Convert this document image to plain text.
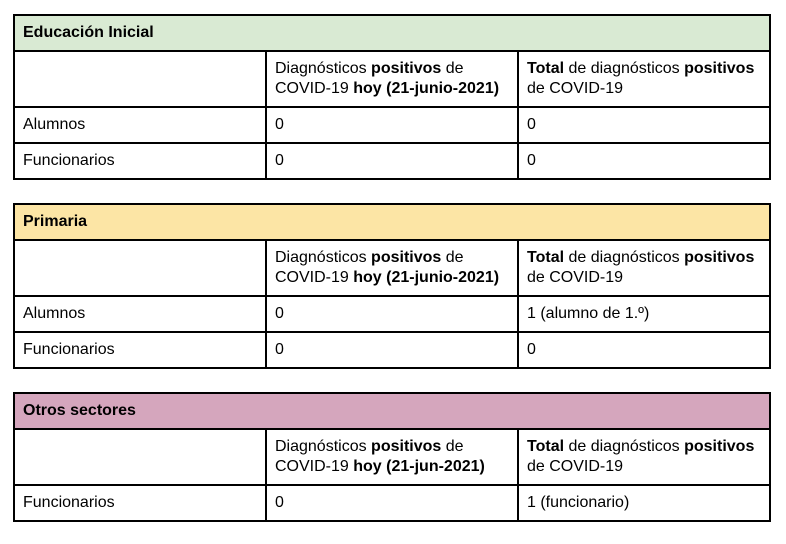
Educación Inicial		
	Diagnósticos positivos de COVID-19 hoy (21-junio-2021)	Total de diagnósticos positivos de COVID-19
Alumnos	0	0
Funcionarios	0	0
Primaria		
	Diagnósticos positivos de COVID-19 hoy (21-junio-2021)	Total de diagnósticos positivos de COVID-19
Alumnos	0	1 (alumno de 1.º)
Funcionarios	0	0
Otros sectores		
	Diagnósticos positivos de COVID-19 hoy (21-jun-2021)	Total de diagnósticos positivos de COVID-19
Funcionarios	0	1 (funcionario)
